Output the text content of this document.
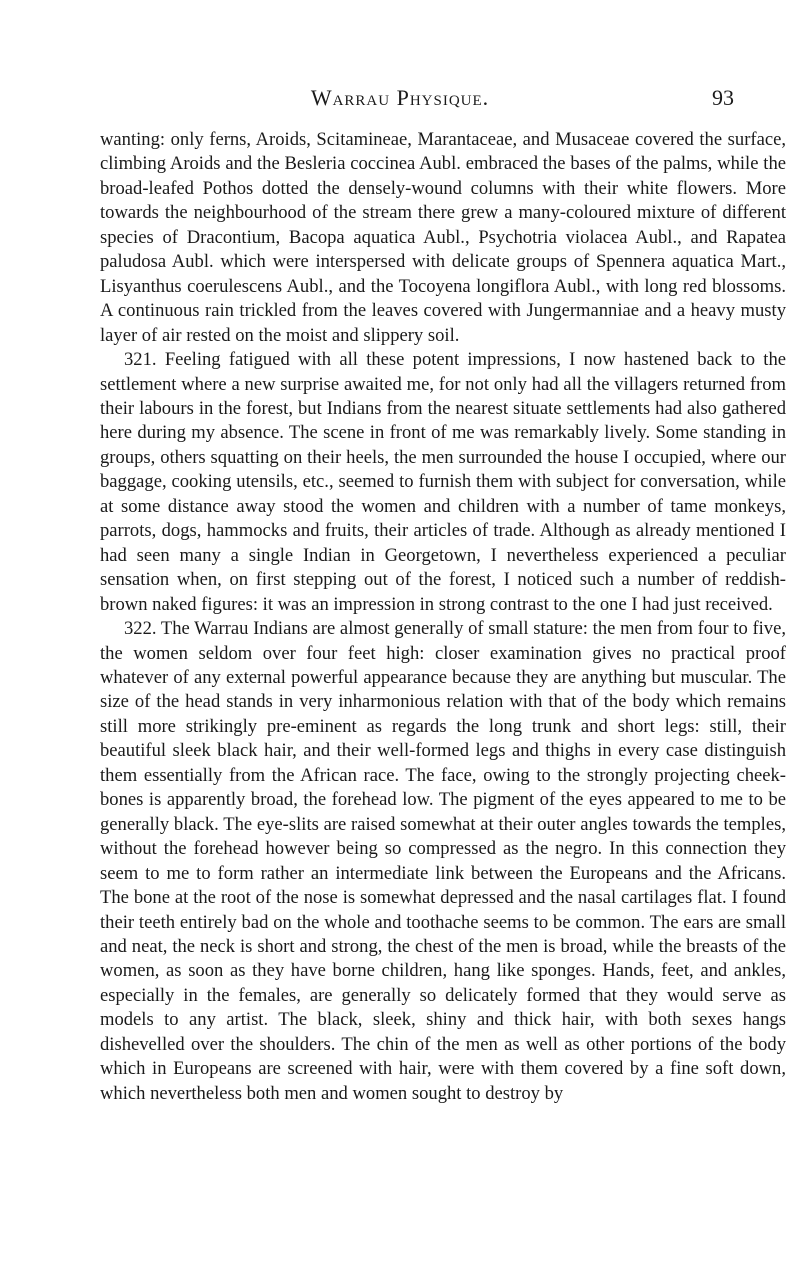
Warrau Physique.	93

wanting: only ferns, Aroids, Scitamineae, Marantaceae, and Musaceae covered the surface, climbing Aroids and the Besleria coccinea Aubl. embraced the bases of the palms, while the broad-leafed Pothos dotted the densely-wound columns with their white flowers. More towards the neighbourhood of the stream there grew a many-coloured mixture of different species of Dracontium, Bacopa aquatica Aubl., Psychotria violacea Aubl., and Rapatea paludosa Aubl. which were interspersed with delicate groups of Spennera aquatica Mart., Lisyanthus coerulescens Aubl., and the Tocoyena longiflora Aubl., with long red blossoms. A continuous rain trickled from the leaves covered with Jungermanniae and a heavy musty layer of air rested on the moist and slippery soil.

321. Feeling fatigued with all these potent impressions, I now hastened back to the settlement where a new surprise awaited me, for not only had all the villagers returned from their labours in the forest, but Indians from the nearest situate settlements had also gathered here during my absence. The scene in front of me was remarkably lively. Some standing in groups, others squatting on their heels, the men surrounded the house I occupied, where our baggage, cooking utensils, etc., seemed to furnish them with subject for conversation, while at some distance away stood the women and children with a number of tame monkeys, parrots, dogs, hammocks and fruits, their articles of trade. Although as already mentioned I had seen many a single Indian in Georgetown, I nevertheless experienced a peculiar sensation when, on first stepping out of the forest, I noticed such a number of reddish-brown naked figures: it was an impression in strong contrast to the one I had just received.

322. The Warrau Indians are almost generally of small stature: the men from four to five, the women seldom over four feet high: closer examination gives no practical proof whatever of any external powerful appearance because they are anything but muscular. The size of the head stands in very inharmonious relation with that of the body which remains still more strikingly pre-eminent as regards the long trunk and short legs: still, their beautiful sleek black hair, and their well-formed legs and thighs in every case distinguish them essentially from the African race. The face, owing to the strongly projecting cheek-bones is apparently broad, the forehead low. The pigment of the eyes appeared to me to be generally black. The eye-slits are raised somewhat at their outer angles towards the temples, without the forehead however being so compressed as the negro. In this connection they seem to me to form rather an intermediate link between the Europeans and the Africans. The bone at the root of the nose is somewhat depressed and the nasal cartilages flat. I found their teeth entirely bad on the whole and toothache seems to be common. The ears are small and neat, the neck is short and strong, the chest of the men is broad, while the breasts of the women, as soon as they have borne children, hang like sponges. Hands, feet, and ankles, especially in the females, are generally so delicately formed that they would serve as models to any artist. The black, sleek, shiny and thick hair, with both sexes hangs dishevelled over the shoulders. The chin of the men as well as other portions of the body which in Europeans are screened with hair, were with them covered by a fine soft down, which nevertheless both men and women sought to destroy by
